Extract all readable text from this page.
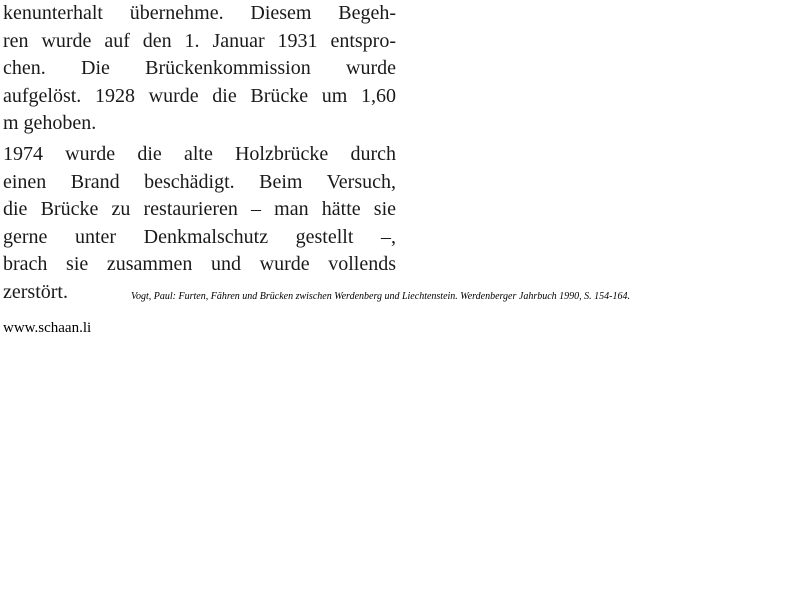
kenunterhalt übernehme. Diesem Begeh-
ren wurde auf den 1. Januar 1931 entspro-
chen. Die Brückenkommission wurde
aufgelöst. 1928 wurde die Brücke um 1,60
m gehoben.
1974 wurde die alte Holzbrücke durch
einen Brand beschädigt. Beim Versuch,
die Brücke zu restaurieren – man hätte sie
gerne unter Denkmalschutz gestellt –,
brach sie zusammen und wurde vollends
zerstört.	Vogt, Paul: Furten, Fähren und Brücken zwischen Werdenberg und Liechtenstein. Werdenberger Jahrbuch 1990, S. 154-164.
www.schaan.li
